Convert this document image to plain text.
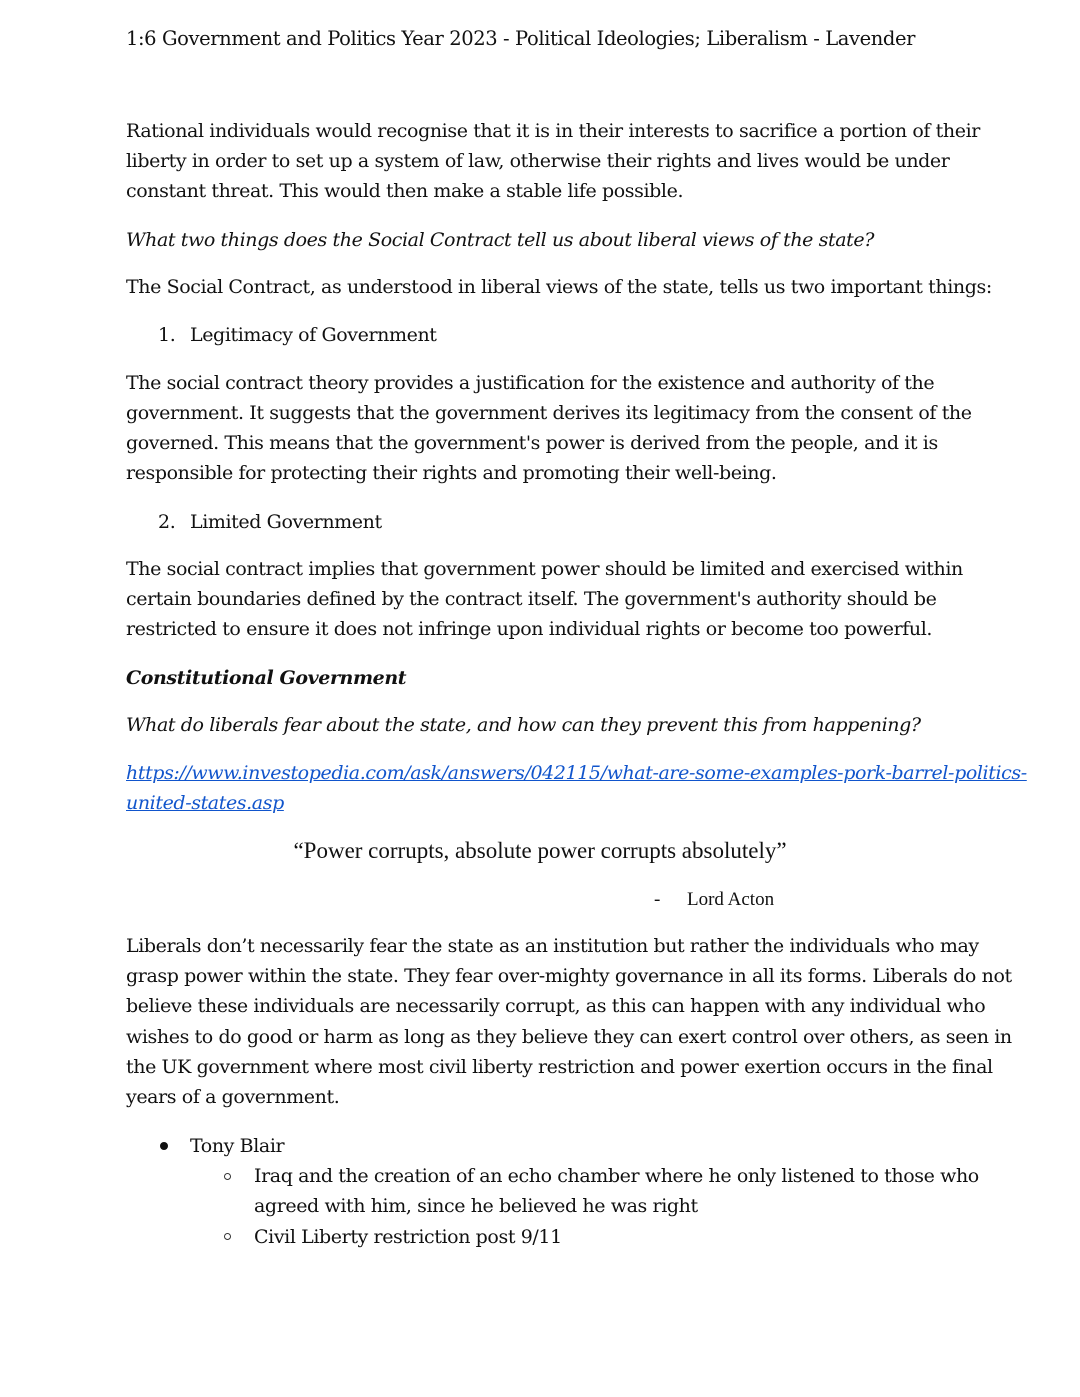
1:6 Government and Politics Year 2023 - Political Ideologies; Liberalism - Lavender
Rational individuals would recognise that it is in their interests to sacrifice a portion of their
liberty in order to set up a system of law, otherwise their rights and lives would be under
constant threat. This would then make a stable life possible.
What two things does the Social Contract tell us about liberal views of the state?
The Social Contract, as understood in liberal views of the state, tells us two important things:
1. Legitimacy of Government
The social contract theory provides a justification for the existence and authority of the
government. It suggests that the government derives its legitimacy from the consent of the
governed. This means that the government's power is derived from the people, and it is
responsible for protecting their rights and promoting their well-being.
2. Limited Government
The social contract implies that government power should be limited and exercised within
certain boundaries defined by the contract itself. The government's authority should be
restricted to ensure it does not infringe upon individual rights or become too powerful.
Constitutional Government
What do liberals fear about the state, and how can they prevent this from happening?
https://www.investopedia.com/ask/answers/042115/what-are-some-examples-pork-barrel-politics-
united-states.asp
“Power corrupts, absolute power corrupts absolutely”
- Lord Acton
Liberals don’t necessarily fear the state as an institution but rather the individuals who may
grasp power within the state. They fear over-mighty governance in all its forms. Liberals do not
believe these individuals are necessarily corrupt, as this can happen with any individual who
wishes to do good or harm as long as they believe they can exert control over others, as seen in
the UK government where most civil liberty restriction and power exertion occurs in the final
years of a government.
Tony Blair
Iraq and the creation of an echo chamber where he only listened to those who
agreed with him, since he believed he was right
Civil Liberty restriction post 9/11
